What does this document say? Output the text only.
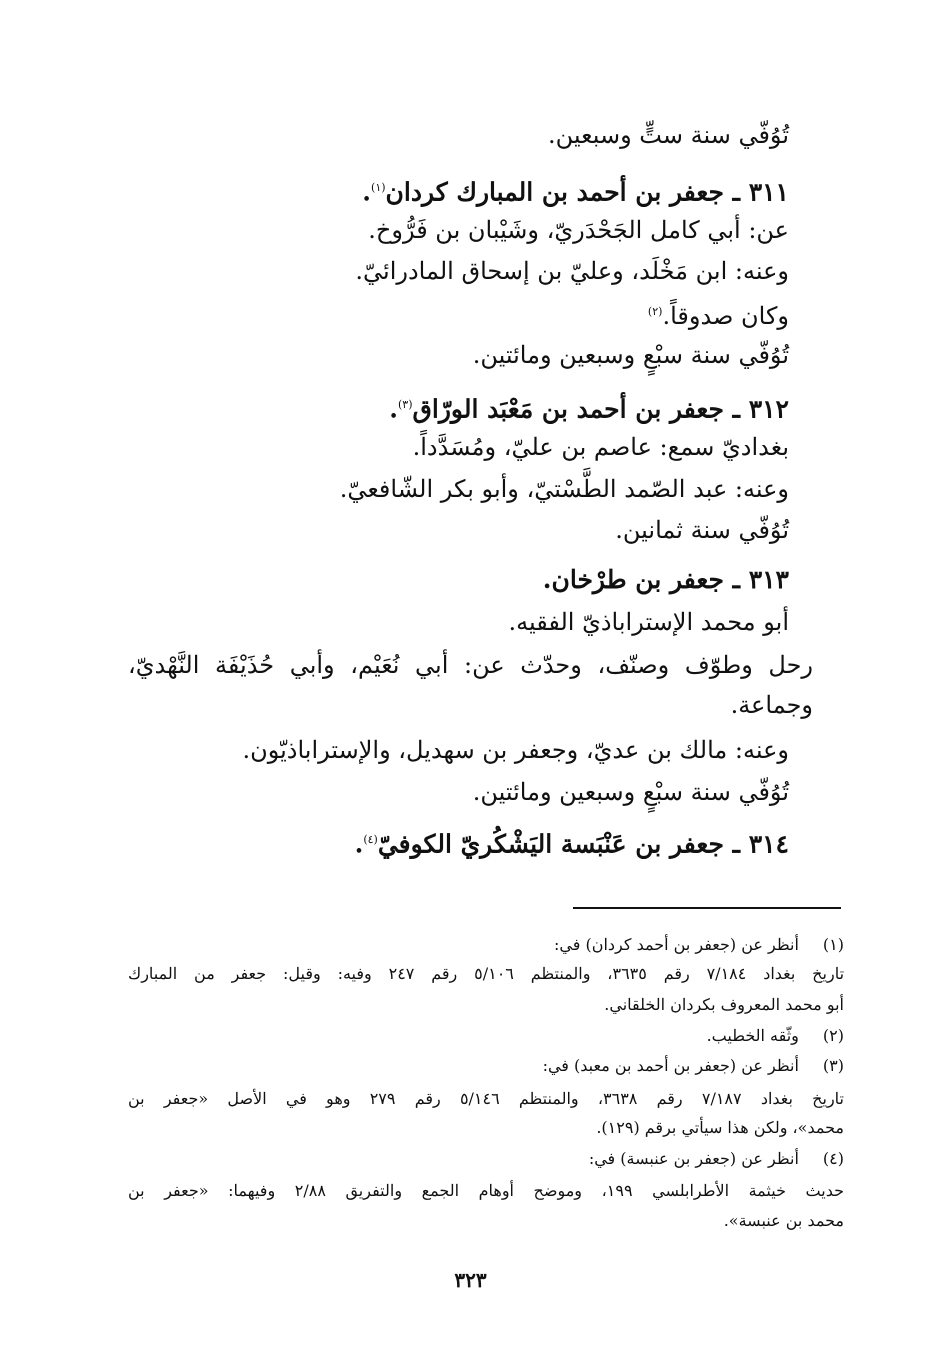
تُوُفّي سنة ستٍّ وسبعين.
٣١١ ـ جعفر بن أحمد بن المبارك كردان$^{(١)}$.
عن: أبي كامل الجَحْدَريّ، وشَيْبان بن فَرُّوخ.
وعنه: ابن مَخْلَد، وعليّ بن إسحاق المادرائيّ.
وكان صدوقاً.$^{(٢)}$
تُوُفّي سنة سبْعٍ وسبعين ومائتين.
٣١٢ ـ جعفر بن أحمد بن مَعْبَد الورّاق$^{(٣)}$.
بغداديّ سمع: عاصم بن عليّ، ومُسَدَّداً.
وعنه: عبد الصّمد الطَّسْتيّ، وأبو بكر الشّافعيّ.
تُوُفّي سنة ثمانين.
٣١٣ ـ جعفر بن طرْخان.
أبو محمد الإستراباذيّ الفقيه.
رحل وطوّف وصنّف، وحدّث عن: أبي نُعَيْم، وأبي حُذَيْفَة النَّهْديّ،
وجماعة.
وعنه: مالك بن عديّ، وجعفر بن سهديل، والإستراباذيّون.
تُوُفّي سنة سبْعٍ وسبعين ومائتين.
٣١٤ ـ جعفر بن عَنْبَسة اليَشْكُريّ الكوفيّ$^{(٤)}$.
(١) أنظر عن (جعفر بن أحمد كردان) في:
تاريخ بغداد ٧/١٨٤ رقم ٣٦٣٥، والمنتظم ٥/١٠٦ رقم ٢٤٧ وفيه: وقيل: جعفر من المبارك
أبو محمد المعروف بكردان الخلقاني.
(٢) وثّقه الخطيب.
(٣) أنظر عن (جعفر بن أحمد بن معبد) في:
تاريخ بغداد ٧/١٨٧ رقم ٣٦٣٨، والمنتظم ٥/١٤٦ رقم ٢٧٩ وهو في الأصل «جعفر بن
محمد»، ولكن هذا سيأتي برقم (١٢٩).
(٤) أنظر عن (جعفر بن عنبسة) في:
حديث خيثمة الأطرابلسي ١٩٩، وموضح أوهام الجمع والتفريق ٢/٨٨ وفيهما: «جعفر بن
محمد بن عنبسة».
٣٢٣
